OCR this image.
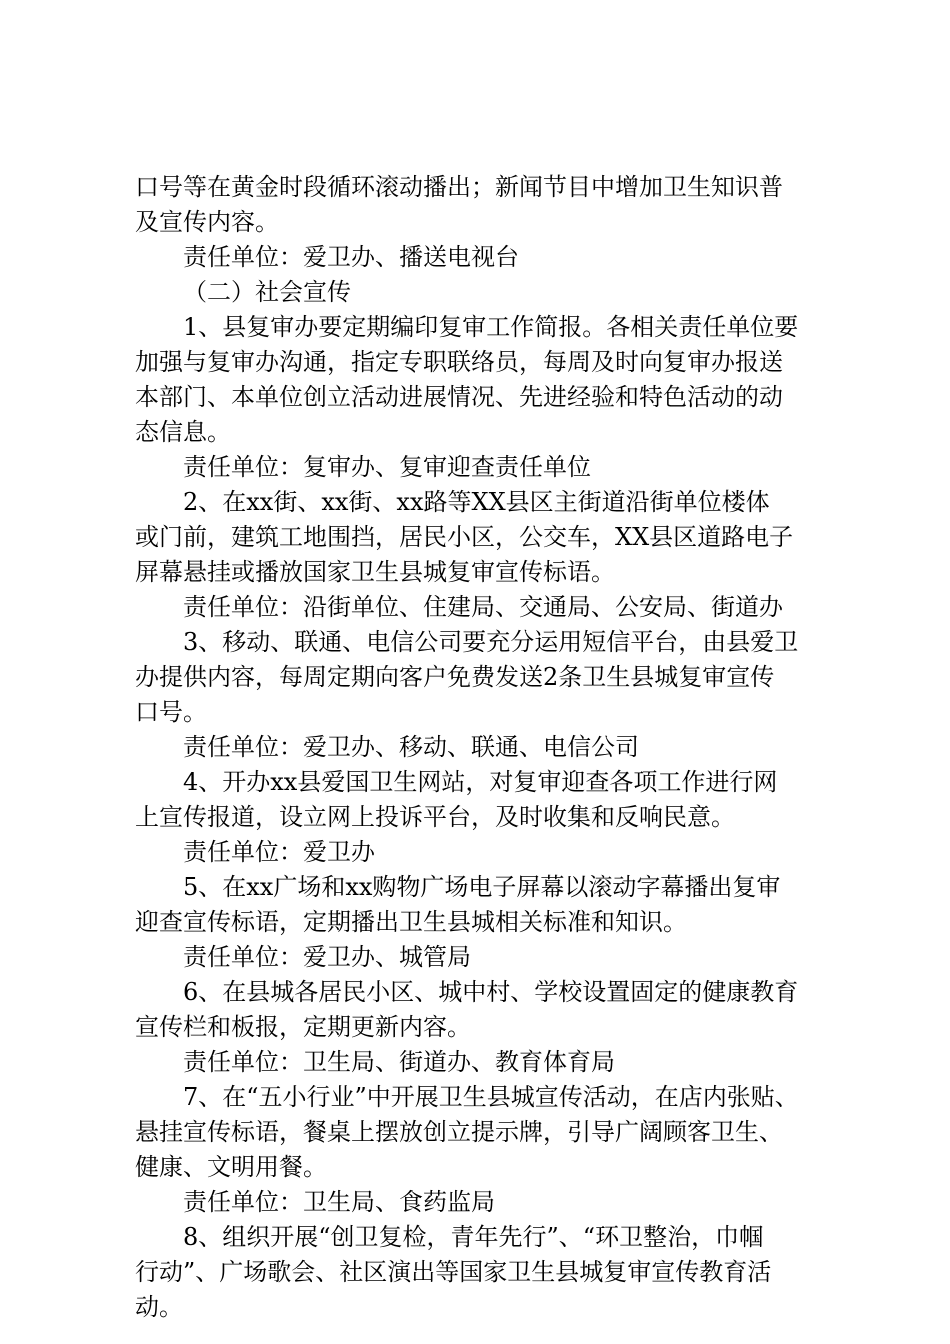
口号等在黄金时段循环滚动播出；新闻节目中增加卫生知识普
及宣传内容。
责任单位：爱卫办、播送电视台
（二）社会宣传
1、县复审办要定期编印复审工作简报。各相关责任单位要
加强与复审办沟通，指定专职联络员，每周及时向复审办报送
本部门、本单位创立活动进展情况、先进经验和特色活动的动
态信息。
责任单位：复审办、复审迎查责任单位
2、在xx街、xx街、xx路等XX县区主街道沿街单位楼体
或门前，建筑工地围挡，居民小区，公交车，XX县区道路电子
屏幕悬挂或播放国家卫生县城复审宣传标语。
责任单位：沿街单位、住建局、交通局、公安局、街道办
3、移动、联通、电信公司要充分运用短信平台，由县爱卫
办提供内容，每周定期向客户免费发送2条卫生县城复审宣传
口号。
责任单位：爱卫办、移动、联通、电信公司
4、开办xx县爱国卫生网站，对复审迎查各项工作进行网
上宣传报道，设立网上投诉平台，及时收集和反响民意。
责任单位：爱卫办
5、在xx广场和xx购物广场电子屏幕以滚动字幕播出复审
迎查宣传标语，定期播出卫生县城相关标准和知识。
责任单位：爱卫办、城管局
6、在县城各居民小区、城中村、学校设置固定的健康教育
宣传栏和板报，定期更新内容。
责任单位：卫生局、街道办、教育体育局
7、在“五小行业”中开展卫生县城宣传活动，在店内张贴、
悬挂宣传标语，餐桌上摆放创立提示牌，引导广阔顾客卫生、
健康、文明用餐。
责任单位：卫生局、食药监局
8、组织开展“创卫复检，青年先行”、“环卫整治，巾帼
行动”、广场歌会、社区演出等国家卫生县城复审宣传教育活
动。
